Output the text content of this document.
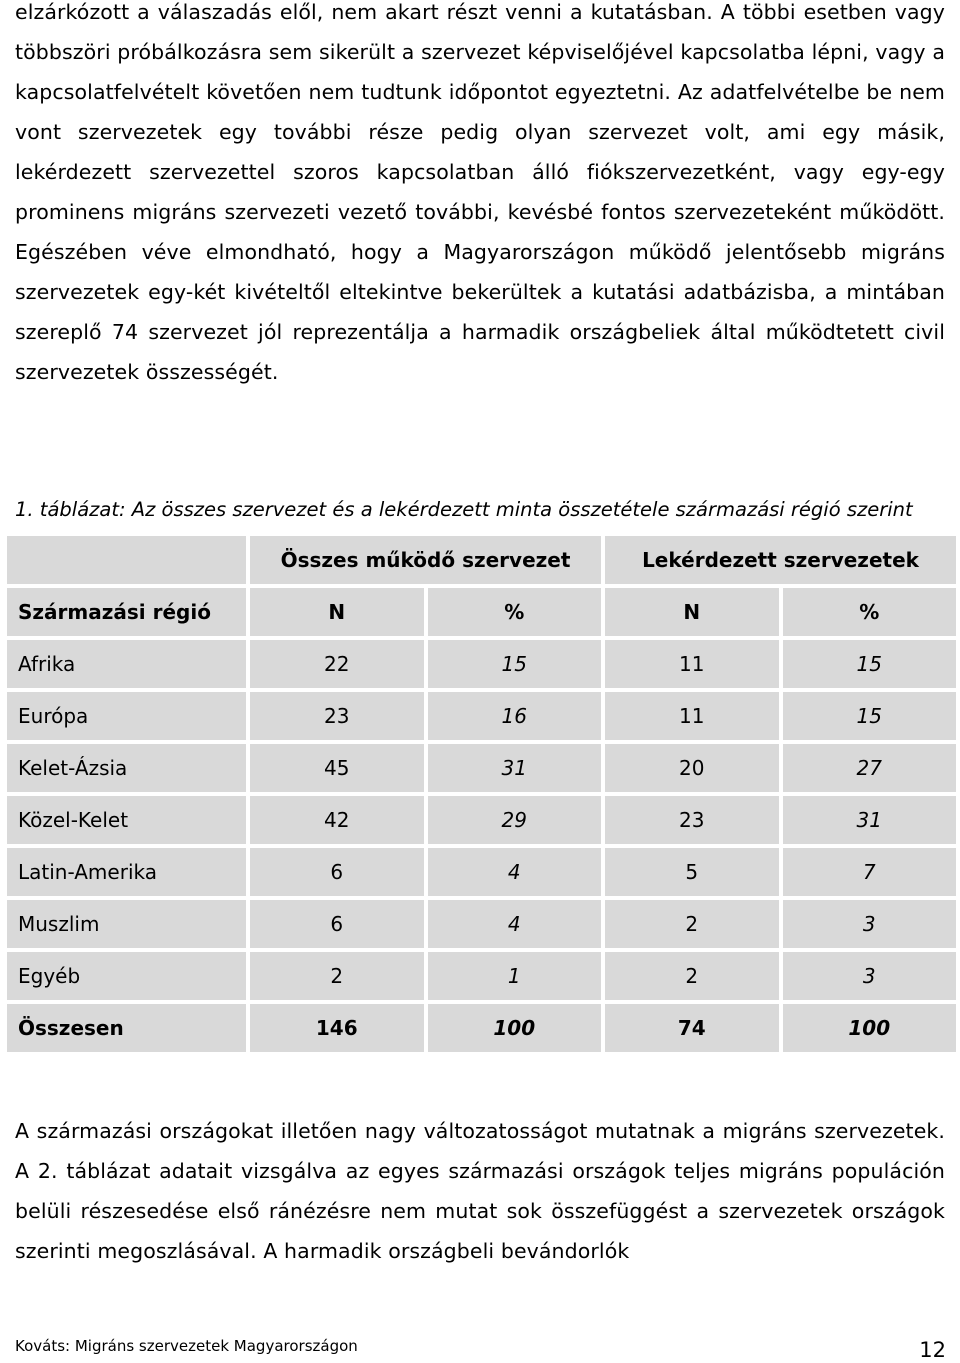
elzárkózott a válaszadás elől, nem akart részt venni a kutatásban. A többi esetben vagy többszöri próbálkozásra sem sikerült a szervezet képviselőjével kapcsolatba lépni, vagy a kapcsolatfelvételt követően nem tudtunk időpontot egyeztetni. Az adatfelvételbe be nem vont szervezetek egy további része pedig olyan szervezet volt, ami egy másik, lekérdezett szervezettel szoros kapcsolatban álló fiókszervezetként, vagy egy-egy prominens migráns szervezeti vezető további, kevésbé fontos szervezeteként működött. Egészében véve elmondható, hogy a Magyarországon működő jelentősebb migráns szervezetek egy-két kivételtől eltekintve bekerültek a kutatási adatbázisba, a mintában szereplő 74 szervezet jól reprezentálja a harmadik országbeliek által működtetett civil szervezetek összességét.

1. táblázat: Az összes szervezet és a lekérdezett minta összetétele származási régió szerint

	Összes működő szervezet		Lekérdezett szervezetek	
Származási régió	N	%	N	%
Afrika	22	15	11	15
Európa	23	16	11	15
Kelet-Ázsia	45	31	20	27
Közel-Kelet	42	29	23	31
Latin-Amerika	6	4	5	7
Muszlim	6	4	2	3
Egyéb	2	1	2	3
Összesen	146	100	74	100

A származási országokat illetően nagy változatosságot mutatnak a migráns szervezetek. A 2. táblázat adatait vizsgálva az egyes származási országok teljes migráns populáción belüli részesedése első ránézésre nem mutat sok összefüggést a szervezetek országok szerinti megoszlásával. A harmadik országbeli bevándorlók

Kováts: Migráns szervezetek Magyarországon	12
